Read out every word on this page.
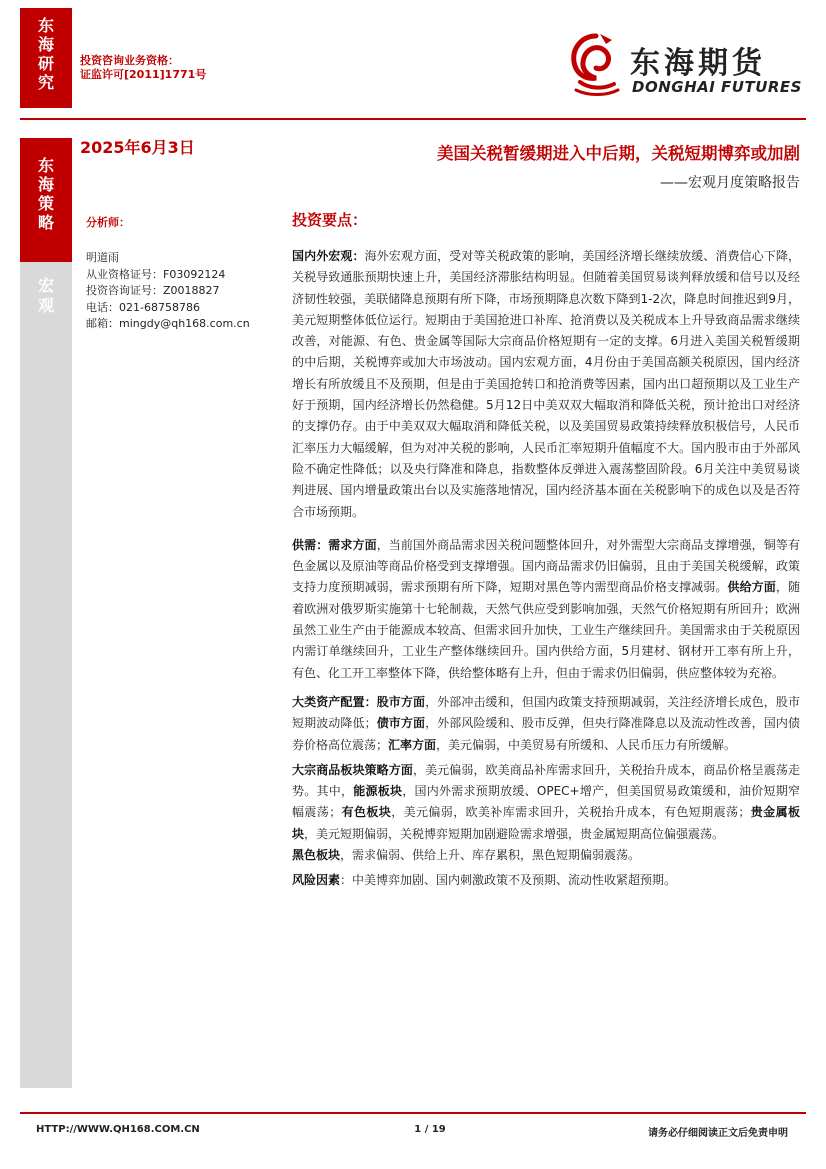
东
海
研
究
东
海
策
略
宏
观
投资咨询业务资格：
证监许可[2011]1771号	东海期货
DONGHAI FUTURES
2025年6月3日	美国关税暂缓期进入中后期，关税短期博弈或加剧
——宏观月度策略报告
分析师：
明道雨
从业资格证号：F03092124
投资咨询证号：Z0018827
电话：021-68758786
邮箱：mingdy@qh168.com.cn
投资要点：

国内外宏观：海外宏观方面，受对等关税政策的影响，美国经济增长继续放缓、消费信心下降，关税导致通胀预期快速上升，美国经济滞胀结构明显。但随着美国贸易谈判释放缓和信号以及经济韧性较强，美联储降息预期有所下降，市场预期降息次数下降到1-2次，降息时间推迟到9月，美元短期整体低位运行。短期由于美国抢进口补库、抢消费以及关税成本上升导致商品需求继续改善，对能源、有色、贵金属等国际大宗商品价格短期有一定的支撑。6月进入美国关税暂缓期的中后期，关税博弈或加大市场波动。国内宏观方面，4月份由于美国高额关税原因，国内经济增长有所放缓且不及预期，但是由于美国抢转口和抢消费等因素，国内出口超预期以及工业生产好于预期，国内经济增长仍然稳健。5月12日中美双双大幅取消和降低关税，预计抢出口对经济的支撑仍存。由于中美双双大幅取消和降低关税，以及美国贸易政策持续释放积极信号，人民币汇率压力大幅缓解，但为对冲关税的影响，人民币汇率短期升值幅度不大。国内股市由于外部风险不确定性降低；以及央行降准和降息，指数整体反弹进入震荡整固阶段。6月关注中美贸易谈判进展、国内增量政策出台以及实施落地情况，国内经济基本面在关税影响下的成色以及是否符合市场预期。

供需：需求方面，当前国外商品需求因关税问题整体回升，对外需型大宗商品支撑增强，铜等有色金属以及原油等商品价格受到支撑增强。国内商品需求仍旧偏弱，且由于美国关税缓解，政策支持力度预期减弱，需求预期有所下降，短期对黑色等内需型商品价格支撑减弱。供给方面，随着欧洲对俄罗斯实施第十七轮制裁，天然气供应受到影响加强，天然气价格短期有所回升；欧洲虽然工业生产由于能源成本较高、但需求回升加快，工业生产继续回升。美国需求由于关税原因内需订单继续回升，工业生产整体继续回升。国内供给方面，5月建材、钢材开工率有所上升，有色、化工开工率整体下降，供给整体略有上升，但由于需求仍旧偏弱，供应整体较为充裕。

大类资产配置：股市方面，外部冲击缓和，但国内政策支持预期减弱，关注经济增长成色，股市短期波动降低；债市方面，外部风险缓和、股市反弹，但央行降准降息以及流动性改善，国内债券价格高位震荡；汇率方面，美元偏弱，中美贸易有所缓和、人民币压力有所缓解。

大宗商品板块策略方面，美元偏弱，欧美商品补库需求回升，关税抬升成本，商品价格呈震荡走势。其中，能源板块，国内外需求预期放缓、OPEC+增产，但美国贸易政策缓和，油价短期窄幅震荡；有色板块，美元偏弱，欧美补库需求回升，关税抬升成本，有色短期震荡；贵金属板块，美元短期偏弱，关税博弈短期加剧避险需求增强，贵金属短期高位偏强震荡。
黑色板块，需求偏弱、供给上升、库存累积，黑色短期偏弱震荡。

风险因素：中美博弈加剧、国内刺激政策不及预期、流动性收紧超预期。

HTTP://WWW.QH168.COM.CN	1 / 19	请务必仔细阅读正文后免责申明
